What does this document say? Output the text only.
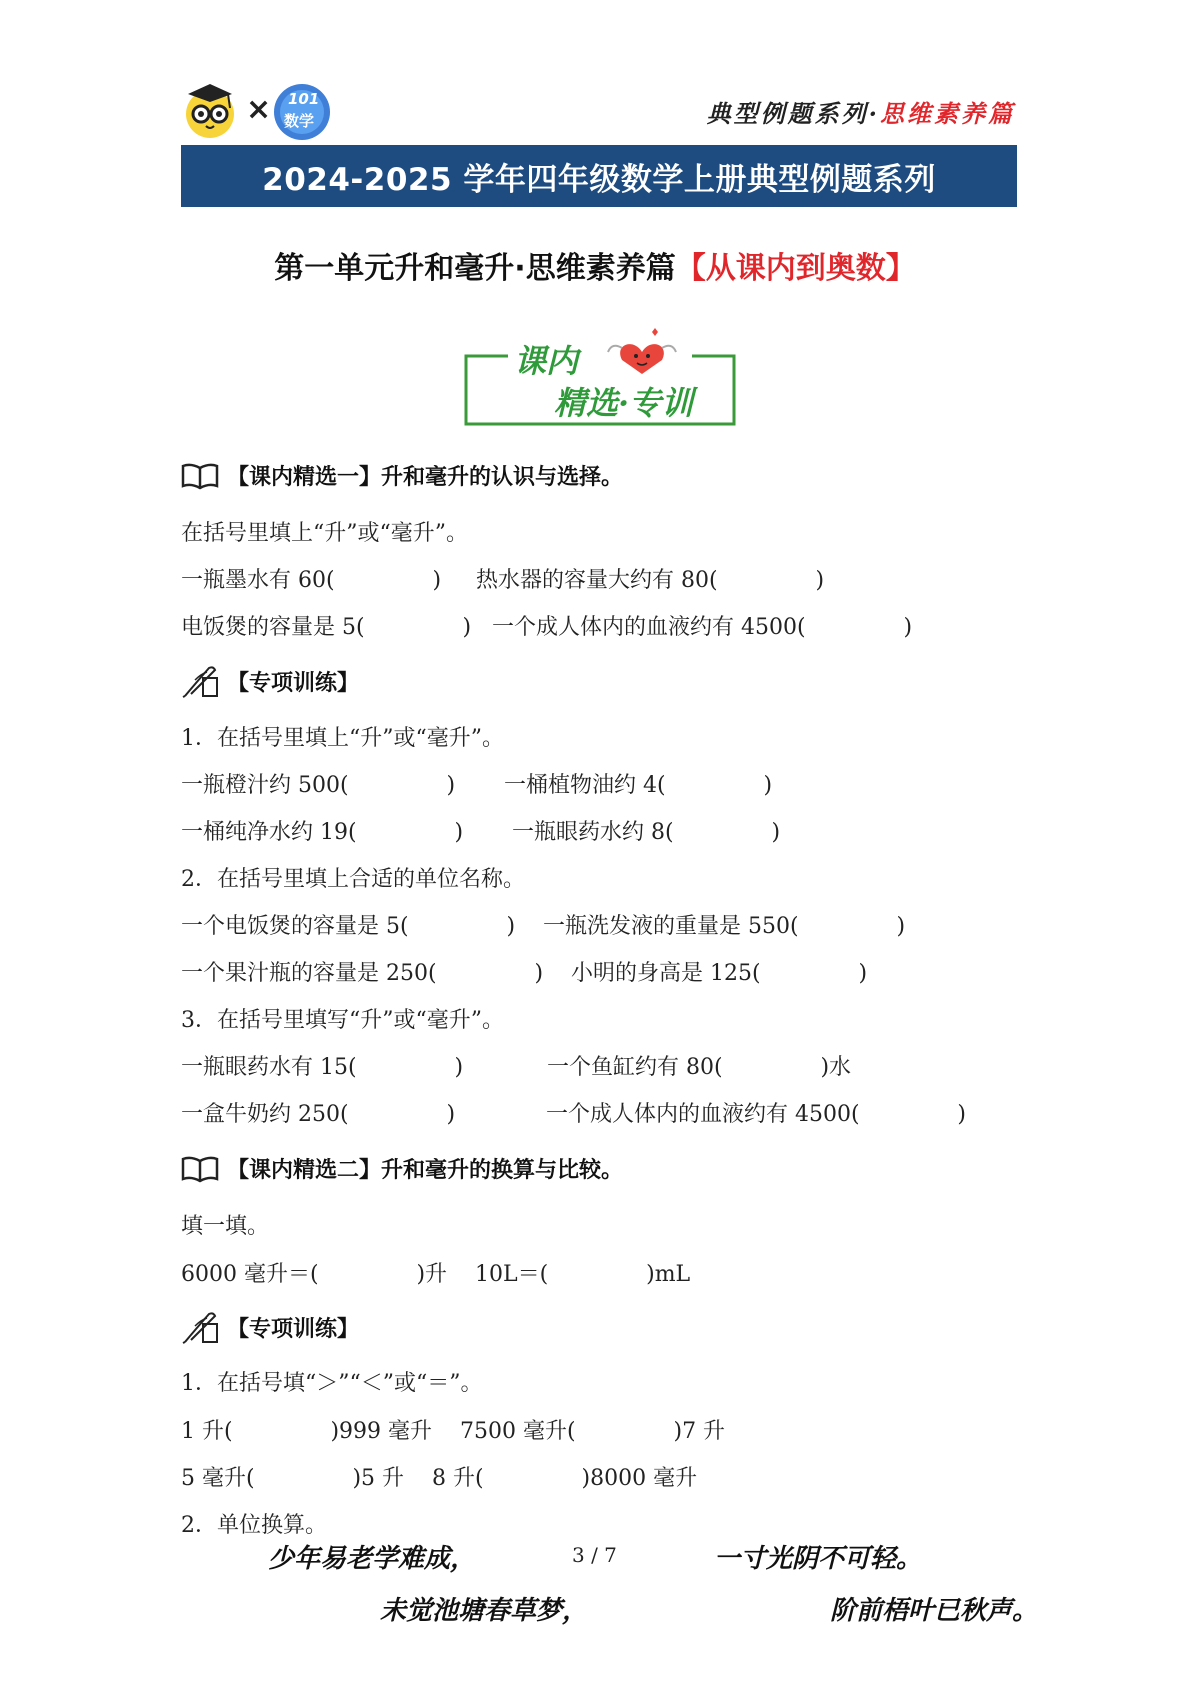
× 101
数学	典型例题系列·思维素养篇
2024-2025 学年四年级数学上册典型例题系列
第一单元升和毫升·思维素养篇【从课内到奥数】
课内
精选·专训
【课内精选一】升和毫升的认识与选择。
在括号里填上“升”或“毫升”。
一瓶墨水有 60(              )     热水器的容量大约有 80(              )
电饭煲的容量是 5(              )   一个成人体内的血液约有 4500(              )
【专项训练】
1．在括号里填上“升”或“毫升”。
一瓶橙汁约 500(              )       一桶植物油约 4(              )
一桶纯净水约 19(              )       一瓶眼药水约 8(              )
2．在括号里填上合适的单位名称。
一个电饭煲的容量是 5(              )    一瓶洗发液的重量是 550(              )
一个果汁瓶的容量是 250(              )    小明的身高是 125(              )
3．在括号里填写“升”或“毫升”。
一瓶眼药水有 15(              )            一个鱼缸约有 80(              )水
一盒牛奶约 250(              )             一个成人体内的血液约有 4500(              )
【课内精选二】升和毫升的换算与比较。
填一填。
6000 毫升＝(              )升    10L＝(              )mL
【专项训练】
1．在括号填“＞”“＜”或“＝”。
1 升(              )999 毫升    7500 毫升(              )7 升
5 毫升(              )5 升    8 升(              )8000 毫升
2．单位换算。
少年易老学难成，	3 / 7	一寸光阴不可轻。
未觉池塘春草梦，	阶前梧叶已秋声。
